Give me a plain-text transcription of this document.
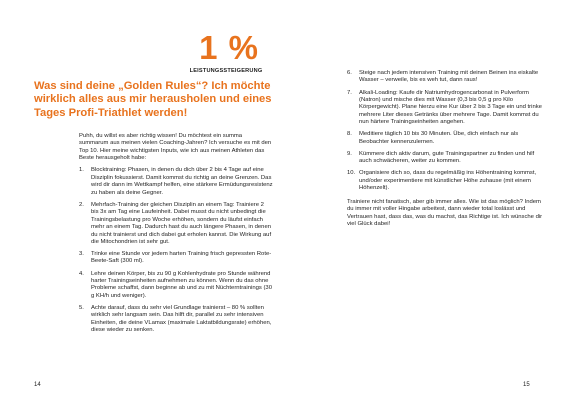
1 %
LEISTUNGSSTEIGERUNG
Was sind deine „Golden Rules“? Ich möchte wirklich alles aus mir herausholen und eines Tages Profi-Triathlet werden!

Puhh, du willst es aber richtig wissen! Du möchtest ein summa summarum aus meinen vielen Coaching-Jahren? Ich versuche es mit den Top 10. Hier meine wichtigsten Inputs, wie ich aus meinen Athleten das Beste herausgeholt habe:

1.	Blocktraining: Phasen, in denen du dich über 2 bis 4 Tage auf eine Disziplin fokussierst. Damit kommst du richtig an deine Grenzen. Das wird dir dann im Wettkampf helfen, eine stärkere Ermüdungsresistenz zu haben als deine Gegner.
2.	Mehrfach-Training der gleichen Disziplin an einem Tag: Trainiere 2 bis 3x am Tag eine Laufeinheit. Dabei musst du nicht unbedingt die Trainingsbelastung pro Woche erhöhen, sondern du läufst einfach mehr an einem Tag. Dadurch hast du auch längere Phasen, in denen du nicht trainierst und dich dabei gut erholen kannst. Die Wirkung auf die Mitochondrien ist sehr gut.
3.	Trinke eine Stunde vor jedem harten Training frisch gepressten Rote-Beete-Saft (300 ml).
4.	Lehre deinen Körper, bis zu 90 g Kohlenhydrate pro Stunde während harter Trainingseinheiten aufnehmen zu können. Wenn du das ohne Probleme schaffst, dann beginne ab und zu mit Nüchterntrainings (30 g KH/h und weniger).
5.	Achte darauf, dass du sehr viel Grundlage trainierst – 80 % sollten wirklich sehr langsam sein. Das hilft dir, parallel zu sehr intensiven Einheiten, die deine VLamax (maximale Laktatbildungsrate) erhöhen, diese wieder zu senken.
14
6.	Steige nach jedem intensiven Training mit deinen Beinen ins eiskalte Wasser – verweile, bis es weh tut, dann raus!
7.	Alkali-Loading: Kaufe dir Natriumhydrogencarbonat in Pulverform (Natron) und mische dies mit Wasser (0,3 bis 0,5 g pro Kilo Körpergewicht). Plane hierzu eine Kur über 2 bis 3 Tage ein und trinke mehrere Liter dieses Getränks über mehrere Tage. Damit kommst du nun härtere Trainingseinheiten angehen.
8.	Meditiere täglich 10 bis 30 Minuten. Übe, dich einfach nur als Beobachter kennenzulernen.
9.	Kümmere dich aktiv darum, gute Trainingspartner zu finden und hilf auch schwächeren, weiter zu kommen.
10. Organisiere dich so, dass du regelmäßig ins Höhentraining kommst, und/oder experimentiere mit künstlicher Höhe zuhause (mit einem Höhenzelt).

Trainiere nicht fanatisch, aber gib immer alles. Wie ist das möglich? Indem du immer mit voller Hingabe arbeitest, dann wieder total loslässt und Vertrauen hast, dass das, was du machst, das Richtige ist. Ich wünsche dir viel Glück dabei!

15
